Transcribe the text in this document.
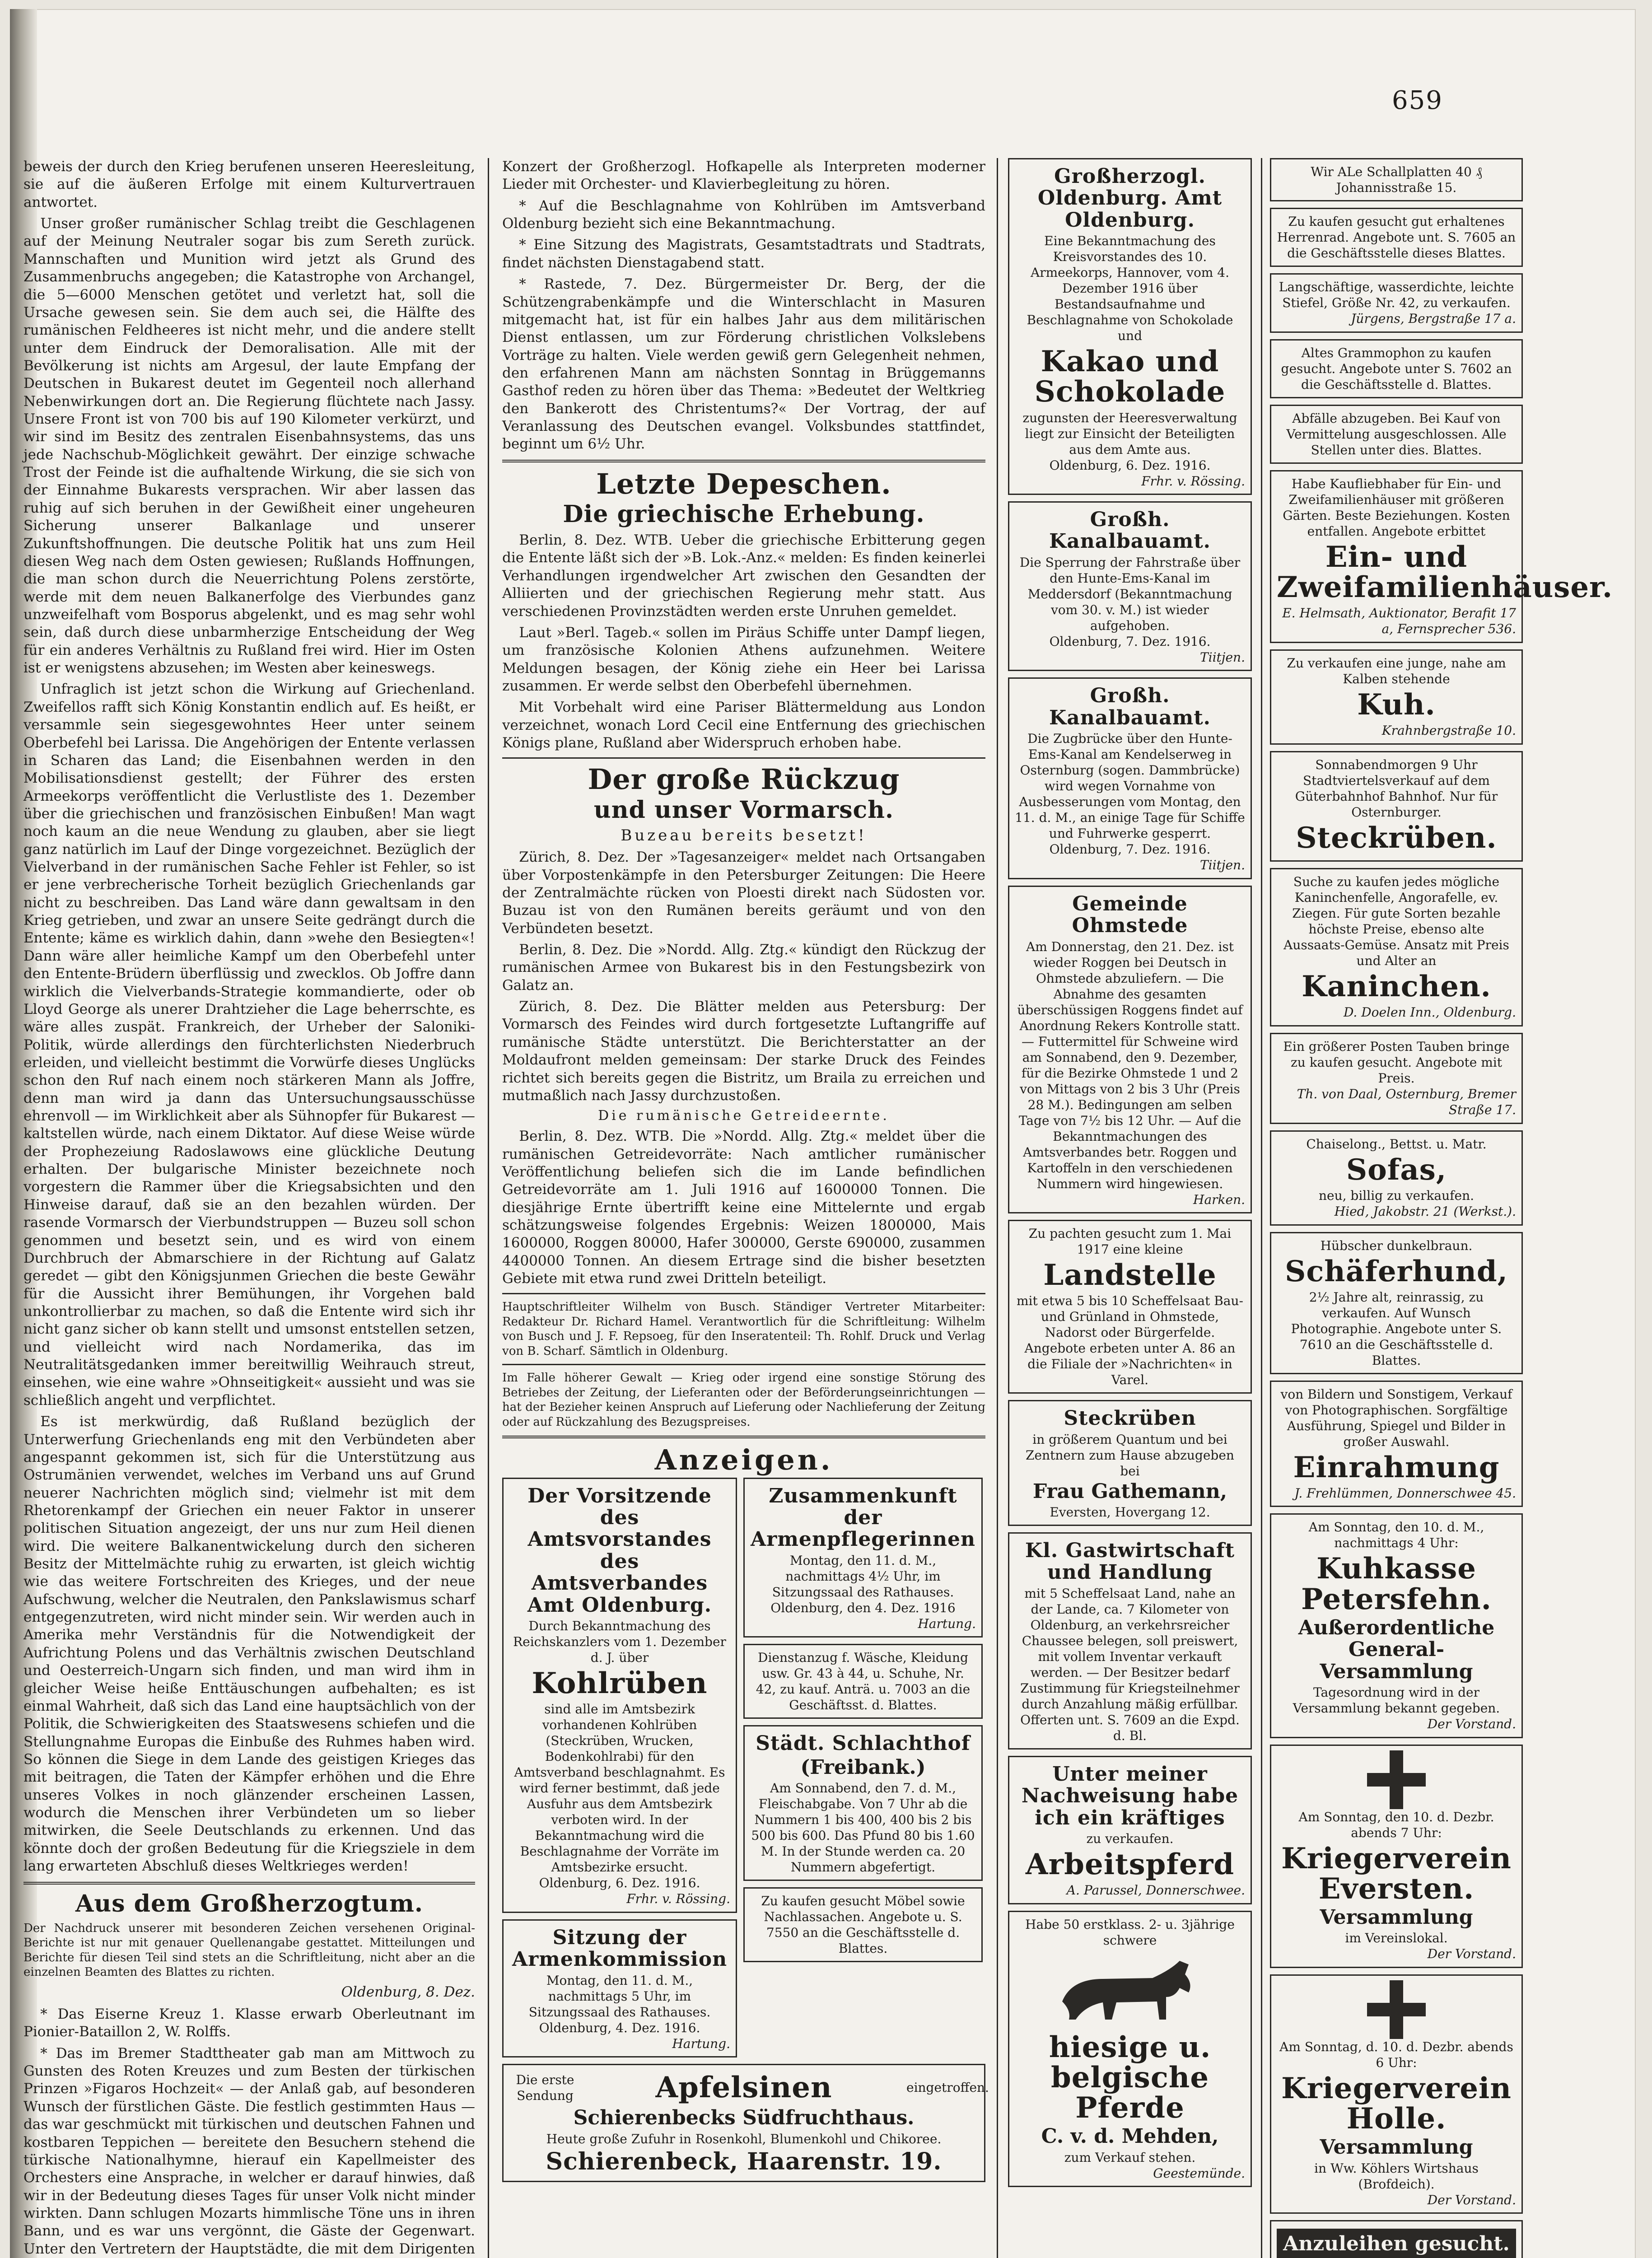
659

beweis der durch den Krieg berufenen unseren Heeresleitung, sie auf die äußeren Erfolge mit einem Kulturvertrauen antwortet.

Unser großer rumänischer Schlag treibt die Geschlagenen auf der Meinung Neutraler sogar bis zum Sereth zurück. Mannschaften und Munition wird jetzt als Grund des Zusammenbruchs angegeben; die Katastrophe von Archangel, die 5—6000 Menschen getötet und verletzt hat, soll die Ursache gewesen sein. Sie dem auch sei, die Hälfte des rumänischen Feldheeres ist nicht mehr, und die andere stellt unter dem Eindruck der Demoralisation. Alle mit der Bevölkerung ist nichts am Argesul, der laute Empfang der Deutschen in Bukarest deutet im Gegenteil noch allerhand Nebenwirkungen dort an. Die Regierung flüchtete nach Jassy. Unsere Front ist von 700 bis auf 190 Kilometer verkürzt, und wir sind im Besitz des zentralen Eisenbahnsystems, das uns jede Nachschub-Möglichkeit gewährt. Der einzige schwache Trost der Feinde ist die aufhaltende Wirkung, die sie sich von der Einnahme Bukarests versprachen. Wir aber lassen das ruhig auf sich beruhen in der Gewißheit einer ungeheuren Sicherung unserer Balkanlage und unserer Zukunftshoffnungen. Die deutsche Politik hat uns zum Heil diesen Weg nach dem Osten gewiesen; Rußlands Hoffnungen, die man schon durch die Neuerrichtung Polens zerstörte, werde mit dem neuen Balkanerfolge des Vierbundes ganz unzweifelhaft vom Bosporus abgelenkt, und es mag sehr wohl sein, daß durch diese unbarmherzige Entscheidung der Weg für ein anderes Verhältnis zu Rußland frei wird. Hier im Osten ist er wenigstens abzusehen; im Westen aber keineswegs.

Unfraglich ist jetzt schon die Wirkung auf Griechenland. Zweifellos rafft sich König Konstantin endlich auf. Es heißt, er versammle sein siegesgewohntes Heer unter seinem Oberbefehl bei Larissa. Die Angehörigen der Entente verlassen in Scharen das Land; die Eisenbahnen werden in den Mobilisationsdienst gestellt; der Führer des ersten Armeekorps veröffentlicht die Verlustliste des 1. Dezember über die griechischen und französischen Einbußen! Man wagt noch kaum an die neue Wendung zu glauben, aber sie liegt ganz natürlich im Lauf der Dinge vorgezeichnet. Bezüglich der Vielverband in der rumänischen Sache Fehler ist Fehler, so ist er jene verbrecherische Torheit bezüglich Griechenlands gar nicht zu beschreiben. Das Land wäre dann gewaltsam in den Krieg getrieben, und zwar an unsere Seite gedrängt durch die Entente; käme es wirklich dahin, dann »wehe den Besiegten«! Dann wäre aller heimliche Kampf um den Oberbefehl unter den Entente-Brüdern überflüssig und zwecklos. Ob Joffre dann wirklich die Vielverbands-Strategie kommandierte, oder ob Lloyd George als unerer Drahtzieher die Lage beherrschte, es wäre alles zuspät. Frankreich, der Urheber der Saloniki-Politik, würde allerdings den fürchterlichsten Niederbruch erleiden, und vielleicht bestimmt die Vorwürfe dieses Unglücks schon den Ruf nach einem noch stärkeren Mann als Joffre, denn man wird ja dann das Untersuchungsausschüsse ehrenvoll — im Wirklichkeit aber als Sühnopfer für Bukarest — kaltstellen würde, nach einem Diktator. Auf diese Weise würde der Prophezeiung Radoslawows eine glückliche Deutung erhalten. Der bulgarische Minister bezeichnete noch vorgestern die Rammer über die Kriegsabsichten und den Hinweise darauf, daß sie an den bezahlen würden. Der rasende Vormarsch der Vierbundstruppen — Buzeu soll schon genommen und besetzt sein, und es wird von einem Durchbruch der Abmarschiere in der Richtung auf Galatz geredet — gibt den Königsjunmen Griechen die beste Gewähr für die Aussicht ihrer Bemühungen, ihr Vorgehen bald unkontrollierbar zu machen, so daß die Entente wird sich ihr nicht ganz sicher ob kann stellt und umsonst entstellen setzen, und vielleicht wird nach Nordamerika, das im Neutralitätsgedanken immer bereitwillig Weihrauch streut, einsehen, wie eine wahre »Ohnseitigkeit« aussieht und was sie schließlich angeht und verpflichtet.

Es ist merkwürdig, daß Rußland bezüglich der Unterwerfung Griechenlands eng mit den Verbündeten aber angespannt gekommen ist, sich für die Unterstützung aus Ostrumänien verwendet, welches im Verband uns auf Grund neuerer Nachrichten möglich sind; vielmehr ist mit dem Rhetorenkampf der Griechen ein neuer Faktor in unserer politischen Situation angezeigt, der uns nur zum Heil dienen wird. Die weitere Balkanentwickelung durch den sicheren Besitz der Mittelmächte ruhig zu erwarten, ist gleich wichtig wie das weitere Fortschreiten des Krieges, und der neue Aufschwung, welcher die Neutralen, den Pankslawismus scharf entgegenzutreten, wird nicht minder sein. Wir werden auch in Amerika mehr Verständnis für die Notwendigkeit der Aufrichtung Polens und das Verhältnis zwischen Deutschland und Oesterreich-Ungarn sich finden, und man wird ihm in gleicher Weise heiße Enttäuschungen aufbehalten; es ist einmal Wahrheit, daß sich das Land eine hauptsächlich von der Politik, die Schwierigkeiten des Staatswesens schiefen und die Stellungnahme Europas die Einbuße des Ruhmes haben wird. So können die Siege in dem Lande des geistigen Krieges das mit beitragen, die Taten der Kämpfer erhöhen und die Ehre unseres Volkes in noch glänzender erscheinen Lassen, wodurch die Menschen ihrer Verbündeten um so lieber mitwirken, die Seele Deutschlands zu erkennen. Und das könnte doch der großen Bedeutung für die Kriegsziele in dem lang erwarteten Abschluß dieses Weltkrieges werden!

Aus dem Großherzogtum.

Der Nachdruck unserer mit besonderen Zeichen versehenen Original-Berichte ist nur mit genauer Quellenangabe gestattet. Mitteilungen und Berichte für diesen Teil sind stets an die Schriftleitung, nicht aber an die einzelnen Beamten des Blattes zu richten.

Oldenburg, 8. Dez.

* Das Eiserne Kreuz 1. Klasse erwarb Oberleutnant im Pionier-Bataillon 2, W. Rolffs.

* Das im Bremer Stadttheater gab man am Mittwoch zu Gunsten des Roten Kreuzes und zum Besten der türkischen Prinzen »Figaros Hochzeit« — der Anlaß gab, auf besonderen Wunsch der fürstlichen Gäste. Die festlich gestimmten Haus — das war geschmückt mit türkischen und deutschen Fahnen und kostbaren Teppichen — bereitete den Besuchern stehend die türkische Nationalhymne, hierauf ein Kapellmeister des Orchesters eine Ansprache, in welcher er darauf hinwies, daß wir in der Bedeutung dieses Tages für unser Volk nicht minder wirkten. Dann schlugen Mozarts himmlische Töne uns in ihren Bann, und es war uns vergönnt, die Gäste der Gegenwart. Unter den Vertretern der Hauptstädte, die mit dem Dirigenten

Konzert der Großherzogl. Hofkapelle als Interpreten moderner Lieder mit Orchester- und Klavierbegleitung zu hören.

* Auf die Beschlagnahme von Kohlrüben im Amtsverband Oldenburg bezieht sich eine Bekanntmachung.

* Eine Sitzung des Magistrats, Gesamtstadtrats und Stadtrats, findet nächsten Dienstagabend statt.

* Rastede, 7. Dez. Bürgermeister Dr. Berg, der die Schützengrabenkämpfe und die Winterschlacht in Masuren mitgemacht hat, ist für ein halbes Jahr aus dem militärischen Dienst entlassen, um zur Förderung christlichen Volkslebens Vorträge zu halten. Viele werden gewiß gern Gelegenheit nehmen, den erfahrenen Mann am nächsten Sonntag in Brüggemanns Gasthof reden zu hören über das Thema: »Bedeutet der Weltkrieg den Bankerott des Christentums?« Der Vortrag, der auf Veranlassung des Deutschen evangel. Volksbundes stattfindet, beginnt um 6½ Uhr.

Letzte Depeschen.
Die griechische Erhebung.

Berlin, 8. Dez. WTB. Ueber die griechische Erbitterung gegen die Entente läßt sich der »B. Lok.-Anz.« melden: Es finden keinerlei Verhandlungen irgendwelcher Art zwischen den Gesandten der Alliierten und der griechischen Regierung mehr statt. Aus verschiedenen Provinzstädten werden erste Unruhen gemeldet.

Laut »Berl. Tageb.« sollen im Piräus Schiffe unter Dampf liegen, um französische Kolonien Athens aufzunehmen. Weitere Meldungen besagen, der König ziehe ein Heer bei Larissa zusammen. Er werde selbst den Oberbefehl übernehmen.

Mit Vorbehalt wird eine Pariser Blättermeldung aus London verzeichnet, wonach Lord Cecil eine Entfernung des griechischen Königs plane, Rußland aber Widerspruch erhoben habe.

Der große Rückzug
und unser Vormarsch.
Buzeau bereits besetzt!

Zürich, 8. Dez. Der »Tagesanzeiger« meldet nach Ortsangaben über Vorpostenkämpfe in den Petersburger Zeitungen: Die Heere der Zentralmächte rücken von Ploesti direkt nach Südosten vor. Buzau ist von den Rumänen bereits geräumt und von den Verbündeten besetzt.

Berlin, 8. Dez. Die »Nordd. Allg. Ztg.« kündigt den Rückzug der rumänischen Armee von Bukarest bis in den Festungsbezirk von Galatz an.

Zürich, 8. Dez. Die Blätter melden aus Petersburg: Der Vormarsch des Feindes wird durch fortgesetzte Luftangriffe auf rumänische Städte unterstützt. Die Berichterstatter an der Moldaufront melden gemeinsam: Der starke Druck des Feindes richtet sich bereits gegen die Bistritz, um Braila zu erreichen und mutmaßlich nach Jassy durchzustoßen.

Die rumänische Getreideernte.

Berlin, 8. Dez. WTB. Die »Nordd. Allg. Ztg.« meldet über die rumänischen Getreidevorräte: Nach amtlicher rumänischer Veröffentlichung beliefen sich die im Lande befindlichen Getreidevorräte am 1. Juli 1916 auf 1600000 Tonnen. Die diesjährige Ernte übertrifft keine eine Mittelernte und ergab schätzungsweise folgendes Ergebnis: Weizen 1800000, Mais 1600000, Roggen 80000, Hafer 300000, Gerste 690000, zusammen 4400000 Tonnen. An diesem Ertrage sind die bisher besetzten Gebiete mit etwa rund zwei Dritteln beteiligt.

Hauptschriftleiter Wilhelm von Busch. Ständiger Vertreter Mitarbeiter: Redakteur Dr. Richard Hamel. Verantwortlich für die Schriftleitung: Wilhelm von Busch und J. F. Repsoeg, für den Inseratenteil: Th. Rohlf. Druck und Verlag von B. Scharf. Sämtlich in Oldenburg.

Im Falle höherer Gewalt — Krieg oder irgend eine sonstige Störung des Betriebes der Zeitung, der Lieferanten oder der Beförderungseinrichtungen — hat der Bezieher keinen Anspruch auf Lieferung oder Nachlieferung der Zeitung oder auf Rückzahlung des Bezugspreises.

Anzeigen.
Der Vorsitzende des Amtsvorstandes des Amtsverbandes Amt Oldenburg.
Durch Bekanntmachung des Reichskanzlers vom 1. Dezember d. J. über
Kohlrüben
sind alle im Amtsbezirk vorhandenen Kohlrüben (Steckrüben, Wrucken, Bodenkohlrabi) für den Amtsverband beschlagnahmt. Es wird ferner bestimmt, daß jede Ausfuhr aus dem Amtsbezirk verboten wird. In der Bekanntmachung wird die Beschlagnahme der Vorräte im Amtsbezirke ersucht.
Oldenburg, 6. Dez. 1916.
Frhr. v. Rössing.
Sitzung der Armenkommission
Montag, den 11. d. M., nachmittags 5 Uhr, im Sitzungssaal des Rathauses.
Oldenburg, 4. Dez. 1916.
Hartung.
Zusammenkunft der Armenpflegerinnen
Montag, den 11. d. M., nachmittags 4½ Uhr, im Sitzungssaal des Rathauses.
Oldenburg, den 4. Dez. 1916
Hartung.
Dienstanzug f. Wäsche, Kleidung usw. Gr. 43 à 44, u. Schuhe, Nr. 42, zu kauf. Anträ. u. 7003 an die Geschäftsst. d. Blattes.
Städt. Schlachthof
(Freibank.)
Am Sonnabend, den 7. d. M., Fleischabgabe. Von 7 Uhr ab die Nummern 1 bis 400, 400 bis 2 bis 500 bis 600. Das Pfund 80 bis 1.60 M. In der Stunde werden ca. 20 Nummern abgefertigt.
Zu kaufen gesucht Möbel sowie Nachlassachen. Angebote u. S. 7550 an die Geschäftsstelle d. Blattes.
Die erste Sendung	Apfelsinen	eingetroffen.
Schierenbecks Südfruchthaus.
Heute große Zufuhr in Rosenkohl, Blumenkohl und Chikoree.
Schierenbeck, Haarenstr. 19.
Großherzogl. Oldenburg. Amt Oldenburg.
Eine Bekanntmachung des Kreisvorstandes des 10. Armeekorps, Hannover, vom 4. Dezember 1916 über Bestandsaufnahme und Beschlagnahme von Schokolade und
Kakao und Schokolade
zugunsten der Heeresverwaltung liegt zur Einsicht der Beteiligten aus dem Amte aus.
Oldenburg, 6. Dez. 1916.
Frhr. v. Rössing.
Großh. Kanalbauamt.
Die Sperrung der Fahrstraße über den Hunte-Ems-Kanal im Meddersdorf (Bekanntmachung vom 30. v. M.) ist wieder aufgehoben.
Oldenburg, 7. Dez. 1916.
Tiitjen.
Großh. Kanalbauamt.
Die Zugbrücke über den Hunte-Ems-Kanal am Kendelserweg in Osternburg (sogen. Dammbrücke) wird wegen Vornahme von Ausbesserungen vom Montag, den 11. d. M., an einige Tage für Schiffe und Fuhrwerke gesperrt.
Oldenburg, 7. Dez. 1916.
Tiitjen.
Gemeinde Ohmstede
Am Donnerstag, den 21. Dez. ist wieder Roggen bei Deutsch in Ohmstede abzuliefern. — Die Abnahme des gesamten überschüssigen Roggens findet auf Anordnung Rekers Kontrolle statt. — Futtermittel für Schweine wird am Sonnabend, den 9. Dezember, für die Bezirke Ohmstede 1 und 2 von Mittags von 2 bis 3 Uhr (Preis 28 M.). Bedingungen am selben Tage von 7½ bis 12 Uhr. — Auf die Bekanntmachungen des Amtsverbandes betr. Roggen und Kartoffeln in den verschiedenen Nummern wird hingewiesen.
Harken.
Zu pachten gesucht zum 1. Mai 1917 eine kleine
Landstelle
mit etwa 5 bis 10 Scheffelsaat Bau- und Grünland in Ohmstede, Nadorst oder Bürgerfelde. Angebote erbeten unter A. 86 an die Filiale der »Nachrichten« in Varel.
Steckrüben
in größerem Quantum und bei Zentnern zum Hause abzugeben bei
Frau Gathemann,
Eversten, Hovergang 12.
Kl. Gastwirtschaft und Handlung
mit 5 Scheffelsaat Land, nahe an der Lande, ca. 7 Kilometer von Oldenburg, an verkehrsreicher Chaussee belegen, soll preiswert, mit vollem Inventar verkauft werden. — Der Besitzer bedarf Zustimmung für Kriegsteilnehmer durch Anzahlung mäßig erfüllbar. Offerten unt. S. 7609 an die Expd. d. Bl.
Unter meiner Nachweisung habe ich ein kräftiges
zu verkaufen.
Arbeitspferd
A. Parussel, Donnerschwee.
Habe 50 erstklass. 2- u. 3jährige schwere
hiesige u. belgische Pferde
C. v. d. Mehden,
zum Verkauf stehen.
Geestemünde.
Wir ALe Schallplatten 40 ₰ Johannisstraße 15.
Zu kaufen gesucht gut erhaltenes Herrenrad. Angebote unt. S. 7605 an die Geschäftsstelle dieses Blattes.
Langschäftige, wasserdichte, leichte Stiefel, Größe Nr. 42, zu verkaufen.
Jürgens, Bergstraße 17 a.
Altes Grammophon zu kaufen gesucht. Angebote unter S. 7602 an die Geschäftsstelle d. Blattes.
Abfälle abzugeben. Bei Kauf von Vermittelung ausgeschlossen. Alle Stellen unter dies. Blattes.
Habe Kaufliebhaber für Ein- und Zweifamilienhäuser mit größeren Gärten. Beste Beziehungen. Kosten entfallen. Angebote erbittet
Ein- und Zweifamilienhäuser.
E. Helmsath, Auktionator, Berafit 17 a, Fernsprecher 536.
Zu verkaufen eine junge, nahe am Kalben stehende
Kuh.
Krahnbergstraße 10.
Sonnabendmorgen 9 Uhr Stadtviertelsverkauf auf dem Güterbahnhof Bahnhof. Nur für Osternburger.
Steckrüben.
Suche zu kaufen jedes mögliche Kaninchenfelle, Angorafelle, ev. Ziegen. Für gute Sorten bezahle höchste Preise, ebenso alte Aussaats-Gemüse. Ansatz mit Preis und Alter an
Kaninchen.
D. Doelen Inn., Oldenburg.
Ein größerer Posten Tauben bringe zu kaufen gesucht. Angebote mit Preis.
Th. von Daal, Osternburg, Bremer Straße 17.
Chaiselong., Bettst. u. Matr.
Sofas,
neu, billig zu verkaufen.
Hied, Jakobstr. 21 (Werkst.).
Hübscher dunkelbraun.
Schäferhund,
2½ Jahre alt, reinrassig, zu verkaufen. Auf Wunsch Photographie. Angebote unter S. 7610 an die Geschäftsstelle d. Blattes.
von Bildern und Sonstigem, Verkauf von Photographischen. Sorgfältige Ausführung, Spiegel und Bilder in großer Auswahl.
Einrahmung
J. Frehlümmen, Donnerschwee 45.
Am Sonntag, den 10. d. M., nachmittags 4 Uhr:
Kuhkasse Petersfehn.
Außerordentliche General-Versammlung
Tagesordnung wird in der Versammlung bekannt gegeben.
Der Vorstand.
Am Sonntag, den 10. d. Dezbr. abends 7 Uhr:
Kriegerverein Eversten.
Versammlung
im Vereinslokal.
Der Vorstand.
Am Sonntag, d. 10. d. Dezbr. abends 6 Uhr:
Kriegerverein Holle.
Versammlung
in Ww. Köhlers Wirtshaus (Brofdeich).
Der Vorstand.
Anzuleihen gesucht.
